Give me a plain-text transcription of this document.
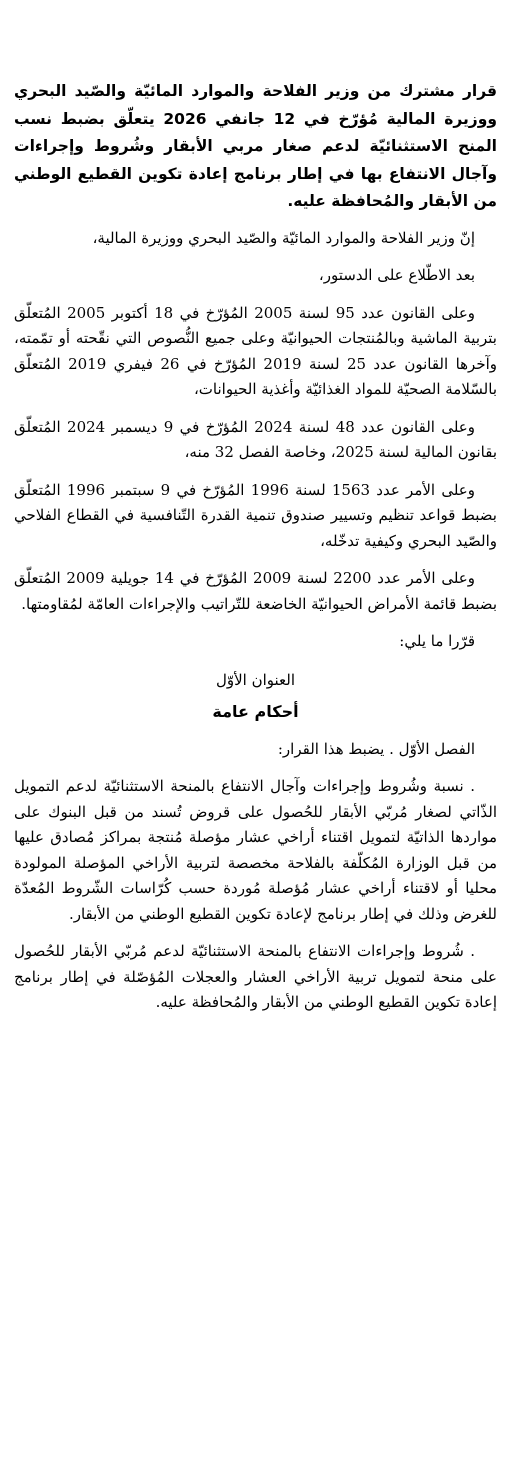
قرار مشترك من وزير الفلاحة والموارد المائيّة والصّيد البحري ووزيرة المالية مُؤرّخ في 12 جانفي 2026 يتعلّق بضبط نسب المنح الاستثنائيّة لدعم صغار مربي الأبقار وشُروط وإجراءات وآجال الانتفاع بها في إطار برنامج إعادة تكوين القطيع الوطني من الأبقار والمُحافظة عليه.

إنّ وزير الفلاحة والموارد المائيّة والصّيد البحري ووزيرة المالية،

بعد الاطّلاع على الدستور،

وعلى القانون عدد 95 لسنة 2005 المُؤرّخ في 18 أكتوبر 2005 المُتعلّق بتربية الماشية وبالمُنتجات الحيوانيّة وعلى جميع النُّصوص التي نقّحته أو تمّمته، وآخرها القانون عدد 25 لسنة 2019 المُؤرّخ في 26 فيفري 2019 المُتعلّق بالسّلامة الصحيّة للمواد الغذائيّة وأغذية الحيوانات،

وعلى القانون عدد 48 لسنة 2024 المُؤرّخ في 9 ديسمبر 2024 المُتعلّق بقانون المالية لسنة 2025، وخاصة الفصل 32 منه،

وعلى الأمر عدد 1563 لسنة 1996 المُؤرّخ في 9 سبتمبر 1996 المُتعلّق بضبط قواعد تنظيم وتسيير صندوق تنمية القدرة التّنافسية في القطاع الفلاحي والصّيد البحري وكيفية تدخّله،

وعلى الأمر عدد 2200 لسنة 2009 المُؤرّخ في 14 جويلية 2009 المُتعلّق بضبط قائمة الأمراض الحيوانيّة الخاضعة للتّراتيب والإجراءات العامّة لمُقاومتها.

قرّرا ما يلي:

العنوان الأوّل

أحكام عامة

الفصل الأوّل . يضبط هذا القرار:

. نسبة وشُروط وإجراءات وآجال الانتفاع بالمنحة الاستثنائيّة لدعم التمويل الذّاتي لصغار مُربّي الأبقار للحُصول على قروض تُسند من قبل البنوك على مواردها الذاتيّة لتمويل اقتناء أراخي عشار مؤصلة مُنتجة بمراكز مُصادق عليها من قبل الوزارة المُكلّفة بالفلاحة مخصصة لتربية الأراخي المؤصلة المولودة محليا أو لاقتناء أراخي عشار مُؤصلة مُوردة حسب كُرّاسات الشّروط المُعدّة للغرض وذلك في إطار برنامج لإعادة تكوين القطيع الوطني من الأبقار.

. شُروط وإجراءات الانتفاع بالمنحة الاستثنائيّة لدعم مُربّي الأبقار للحُصول على منحة لتمويل تربية الأراخي العشار والعجلات المُؤصّلة في إطار برنامج إعادة تكوين القطيع الوطني من الأبقار والمُحافظة عليه.
